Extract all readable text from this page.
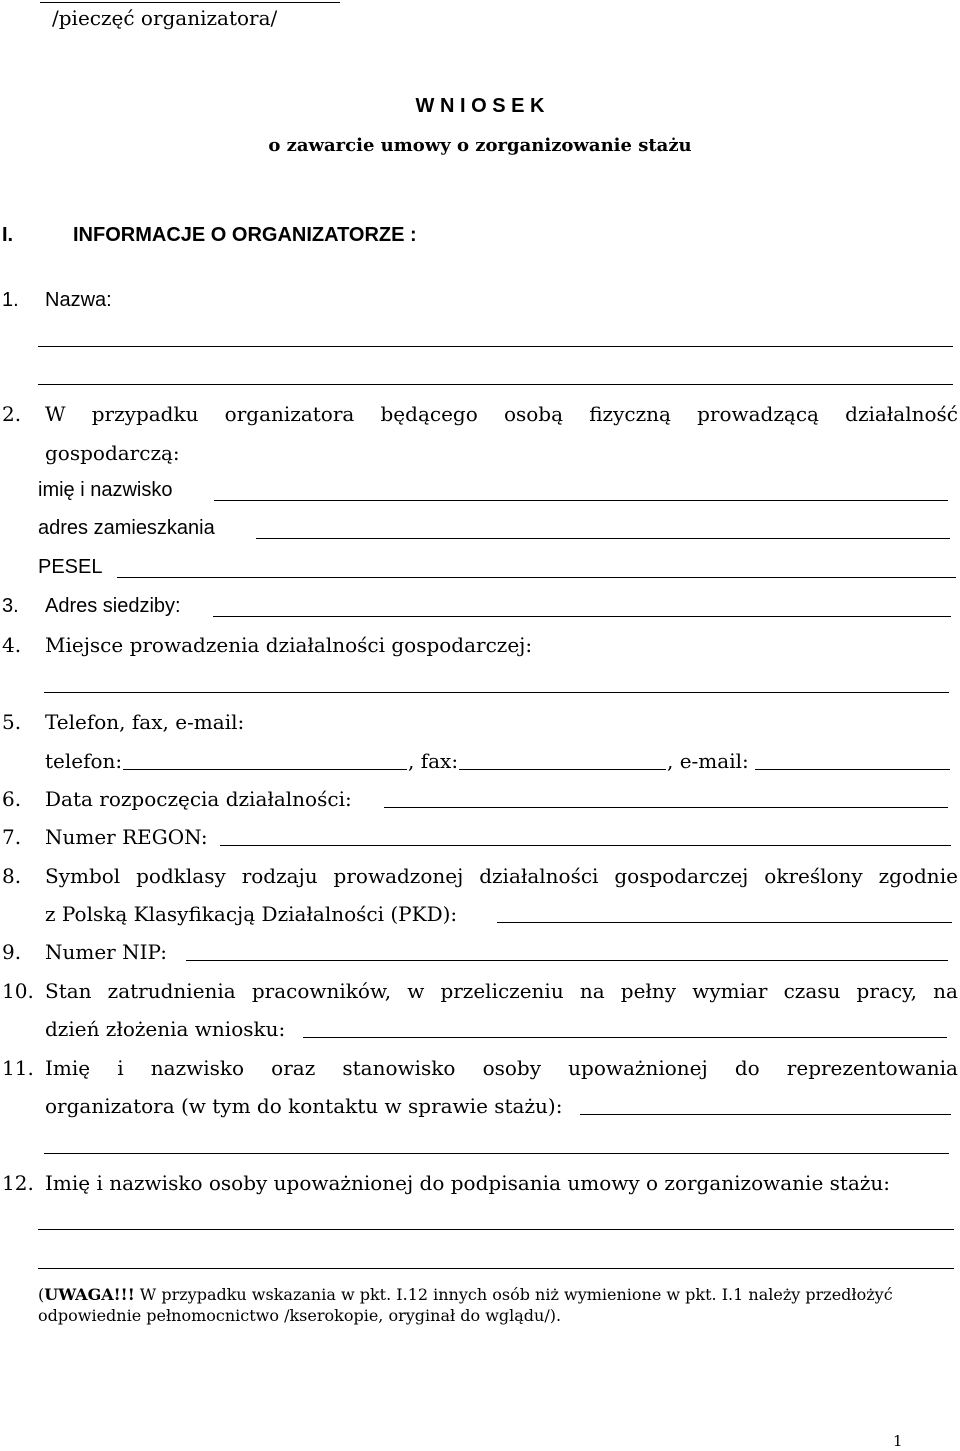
/pieczęć organizatora/
W N I O S E K
o zawarcie umowy o zorganizowanie stażu
I.	INFORMACJE O ORGANIZATORZE :
1. Nazwa:
2. W przypadku organizatora będącego osobą fizyczną prowadzącą działalność
gospodarczą:
imię i nazwisko
adres zamieszkania
PESEL
3. Adres siedziby:
4. Miejsce prowadzenia działalności gospodarczej:
5. Telefon, fax, e-mail:
telefon:	, fax:	, e-mail:
6. Data rozpoczęcia działalności:
7. Numer REGON:
8. Symbol podklasy rodzaju prowadzonej działalności gospodarczej określony zgodnie
z Polską Klasyfikacją Działalności (PKD):
9. Numer NIP:
10. Stan zatrudnienia pracowników, w przeliczeniu na pełny wymiar czasu pracy, na
dzień złożenia wniosku:
11. Imię i nazwisko oraz stanowisko osoby upoważnionej do reprezentowania
organizatora (w tym do kontaktu w sprawie stażu):
12. Imię i nazwisko osoby upoważnionej do podpisania umowy o zorganizowanie stażu:
(UWAGA!!! W przypadku wskazania w pkt. I.12 innych osób niż wymienione w pkt. I.1 należy przedłożyć
odpowiednie pełnomocnictwo /kserokopie, oryginał do wglądu/).
1
